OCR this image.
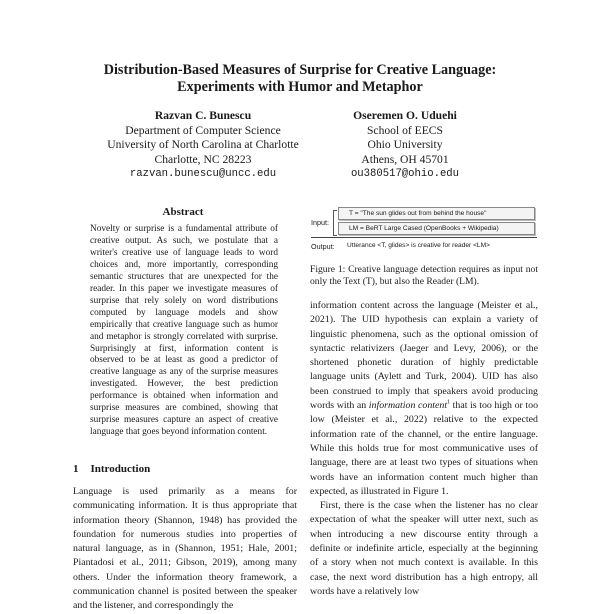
Distribution-Based Measures of Surprise for Creative Language:
Experiments with Humor and Metaphor
Razvan C. Bunescu
Department of Computer Science
University of North Carolina at Charlotte
Charlotte, NC 28223
razvan.bunescu@uncc.edu
Oseremen O. Uduehi
School of EECS
Ohio University
Athens, OH 45701
ou380517@ohio.edu
Abstract
Novelty or surprise is a fundamental attribute of creative output. As such, we postulate that a writer's creative use of language leads to word choices and, more importantly, corresponding semantic structures that are unexpected for the reader. In this paper we investigate measures of surprise that rely solely on word distributions computed by language models and show empirically that creative language such as humor and metaphor is strongly correlated with surprise. Surprisingly at first, information content is observed to be at least as good a predictor of creative language as any of the surprise measures investigated. However, the best prediction performance is obtained when information and surprise measures are combined, showing that surprise measures capture an aspect of creative language that goes beyond information content.
1 Introduction

Language is used primarily as a means for communicating information. It is thus appropriate that information theory (Shannon, 1948) has provided the foundation for numerous studies into properties of natural language, as in (Shannon, 1951; Hale, 2001; Piantadosi et al., 2011; Gibson, 2019), among many others. Under the information theory framework, a communication channel is posited between the speaker and the listener, and correspondingly the

Input:
T = "The sun glides out from behind the house"
LM = BeRT Large Cased (OpenBooks + Wikipedia)
Output: Utterance <T, glides> is creative for reader <LM>
Figure 1: Creative language detection requires as input not only the Text (T), but also the Reader (LM).

information content across the language (Meister et al., 2021). The UID hypothesis can explain a variety of linguistic phenomena, such as the optional omission of syntactic relativizers (Jaeger and Levy, 2006), or the shortened phonetic duration of highly predictable language units (Aylett and Turk, 2004). UID has also been construed to imply that speakers avoid producing words with an information content$^1$ that is too high or too low (Meister et al., 2022) relative to the expected information rate of the channel, or the entire language. While this holds true for most communicative uses of language, there are at least two types of situations when words have an information content much higher than expected, as illustrated in Figure 1.

First, there is the case when the listener has no clear expectation of what the speaker will utter next, such as when introducing a new discourse entity through a definite or indefinite article, especially at the beginning of a story when not much context is available. In this case, the next word distribution has a high entropy, all words have a relatively low
